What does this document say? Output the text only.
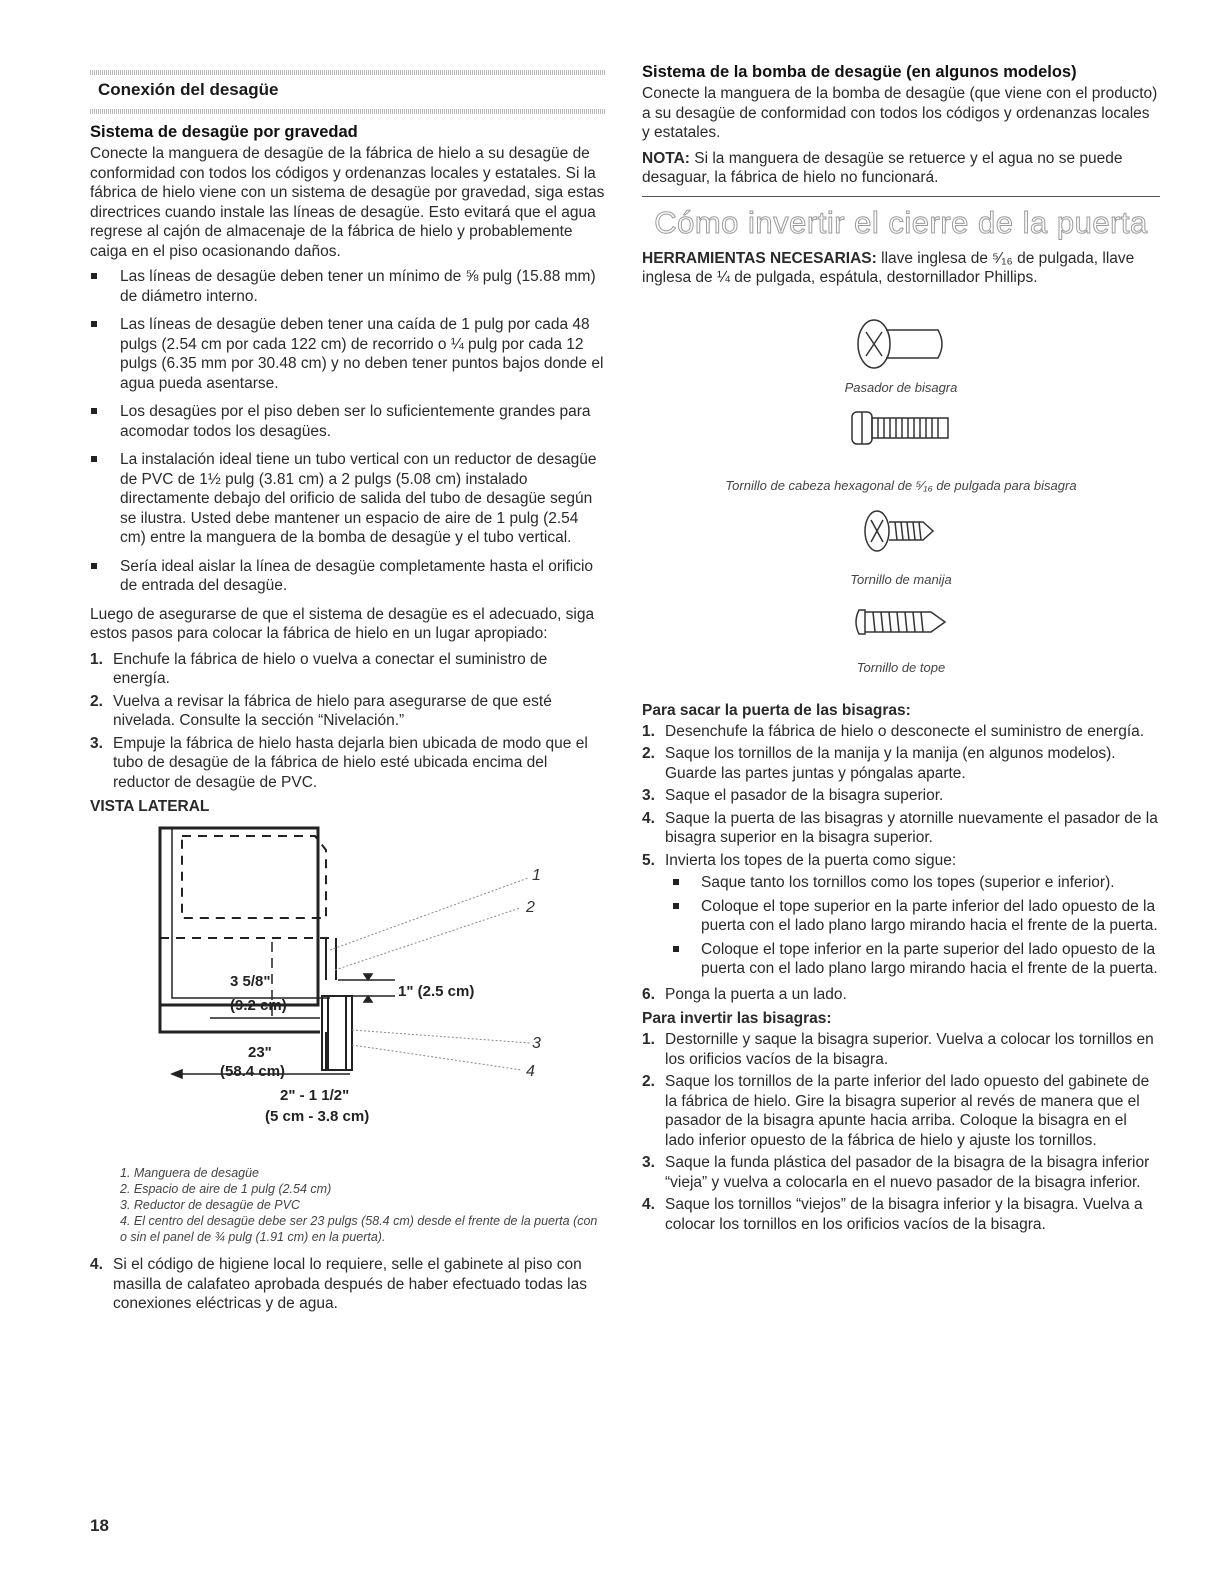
Conexión del desagüe
Sistema de desagüe por gravedad

Conecte la manguera de desagüe de la fábrica de hielo a su desagüe de conformidad con todos los códigos y ordenanzas locales y estatales. Si la fábrica de hielo viene con un sistema de desagüe por gravedad, siga estas directrices cuando instale las líneas de desagüe. Esto evitará que el agua regrese al cajón de almacenaje de la fábrica de hielo y probablemente caiga en el piso ocasionando daños.

Las líneas de desagüe deben tener un mínimo de ⅝ pulg (15.88 mm) de diámetro interno.
Las líneas de desagüe deben tener una caída de 1 pulg por cada 48 pulgs (2.54 cm por cada 122 cm) de recorrido o ¼ pulg por cada 12 pulgs (6.35 mm por 30.48 cm) y no deben tener puntos bajos donde el agua pueda asentarse.
Los desagües por el piso deben ser lo suficientemente grandes para acomodar todos los desagües.
La instalación ideal tiene un tubo vertical con un reductor de desagüe de PVC de 1½ pulg (3.81 cm) a 2 pulgs (5.08 cm) instalado directamente debajo del orificio de salida del tubo de desagüe según se ilustra. Usted debe mantener un espacio de aire de 1 pulg (2.54 cm) entre la manguera de la bomba de desagüe y el tubo vertical.
Sería ideal aislar la línea de desagüe completamente hasta el orificio de entrada del desagüe.

Luego de asegurarse de que el sistema de desagüe es el adecuado, siga estos pasos para colocar la fábrica de hielo en un lugar apropiado:

1. Enchufe la fábrica de hielo o vuelva a conectar el suministro de energía.
2. Vuelva a revisar la fábrica de hielo para asegurarse de que esté nivelada. Consulte la sección “Nivelación.”
3. Empuje la fábrica de hielo hasta dejarla bien ubicada de modo que el tubo de desagüe de la fábrica de hielo esté ubicada encima del reductor de desagüe de PVC.
VISTA LATERAL
3 5/8"
(9.2 cm)
23"
(58.4 cm)
1" (2.5 cm)
2" - 1 1/2"
(5 cm - 3.8 cm)
1
2
3
4
1. Manguera de desagüe
2. Espacio de aire de 1 pulg (2.54 cm)
3. Reductor de desagüe de PVC
4. El centro del desagüe debe ser 23 pulgs (58.4 cm) desde el frente de la puerta (con o sin el panel de ¾ pulg (1.91 cm) en la puerta).
4. Si el código de higiene local lo requiere, selle el gabinete al piso con masilla de calafateo aprobada después de haber efectuado todas las conexiones eléctricas y de agua.
Sistema de la bomba de desagüe (en algunos modelos)

Conecte la manguera de la bomba de desagüe (que viene con el producto) a su desagüe de conformidad con todos los códigos y ordenanzas locales y estatales.

NOTA: Si la manguera de desagüe se retuerce y el agua no se puede desaguar, la fábrica de hielo no funcionará.

Cómo invertir el cierre de la puerta

HERRAMIENTAS NECESARIAS: llave inglesa de ⁵⁄₁₆ de pulgada, llave inglesa de ¼ de pulgada, espátula, destornillador Phillips.

Pasador de bisagra
Tornillo de cabeza hexagonal de ⁵⁄₁₆ de pulgada para bisagra
Tornillo de manija
Tornillo de tope
Para sacar la puerta de las bisagras:
1. Desenchufe la fábrica de hielo o desconecte el suministro de energía.
2. Saque los tornillos de la manija y la manija (en algunos modelos). Guarde las partes juntas y póngalas aparte.
3. Saque el pasador de la bisagra superior.
4. Saque la puerta de las bisagras y atornille nuevamente el pasador de la bisagra superior en la bisagra superior.
5. Invierta los topes de la puerta como sigue:
Saque tanto los tornillos como los topes (superior e inferior).
Coloque el tope superior en la parte inferior del lado opuesto de la puerta con el lado plano largo mirando hacia el frente de la puerta.
Coloque el tope inferior en la parte superior del lado opuesto de la puerta con el lado plano largo mirando hacia el frente de la puerta.
6. Ponga la puerta a un lado.
Para invertir las bisagras:
1. Destornille y saque la bisagra superior. Vuelva a colocar los tornillos en los orificios vacíos de la bisagra.
2. Saque los tornillos de la parte inferior del lado opuesto del gabinete de la fábrica de hielo. Gire la bisagra superior al revés de manera que el pasador de la bisagra apunte hacia arriba. Coloque la bisagra en el lado inferior opuesto de la fábrica de hielo y ajuste los tornillos.
3. Saque la funda plástica del pasador de la bisagra de la bisagra inferior “vieja” y vuelva a colocarla en el nuevo pasador de la bisagra inferior.
4. Saque los tornillos “viejos” de la bisagra inferior y la bisagra. Vuelva a colocar los tornillos en los orificios vacíos de la bisagra.
18
